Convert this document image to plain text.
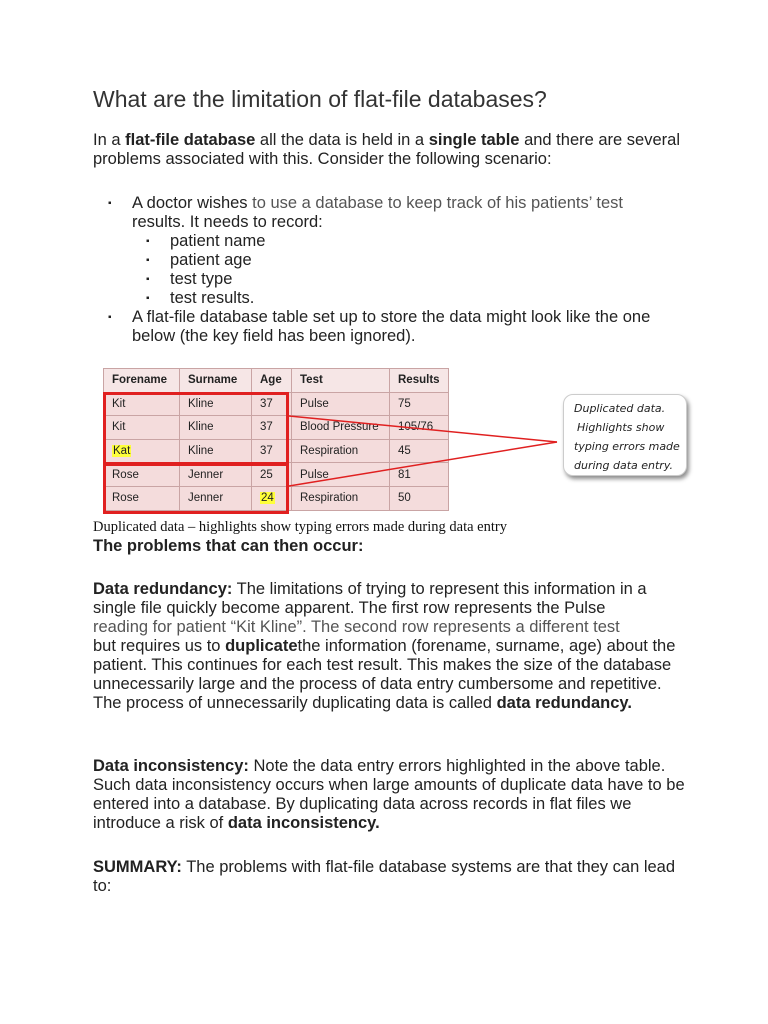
What are the limitation of flat-file databases?
In a flat-file database all the data is held in a single table and there are several problems associated with this. Consider the following scenario:
▪ A doctor wishes to use a database to keep track of his patients’ test
results. It needs to record:
▪ patient name
▪ patient age
▪ test type
▪ test results.
▪ A flat-file database table set up to store the data might look like the one below (the key field has been ignored).
Forename	Surname	Age	Test	Results
Kit	Kline	37	Pulse	75
Kit	Kline	37	Blood Pressure	105/76
Kat	Kline	37	Respiration	45
Rose	Jenner	25	Pulse	81
Rose	Jenner	24	Respiration	50
Duplicated data.
Highlights show
typing errors made
during data entry.
Duplicated data – highlights show typing errors made during data entry
The problems that can then occur:
Data redundancy: The limitations of trying to represent this information in a single file quickly become apparent. The first row represents the Pulse
reading for patient “Kit Kline”. The second row represents a different test
but requires us to duplicatethe information (forename, surname, age) about the patient. This continues for each test result. This makes the size of the database unnecessarily large and the process of data entry cumbersome and repetitive. The process of unnecessarily duplicating data is called data redundancy.
Data inconsistency: Note the data entry errors highlighted in the above table. Such data inconsistency occurs when large amounts of duplicate data have to be entered into a database. By duplicating data across records in flat files we introduce a risk of data inconsistency.
SUMMARY: The problems with flat-file database systems are that they can lead to:
